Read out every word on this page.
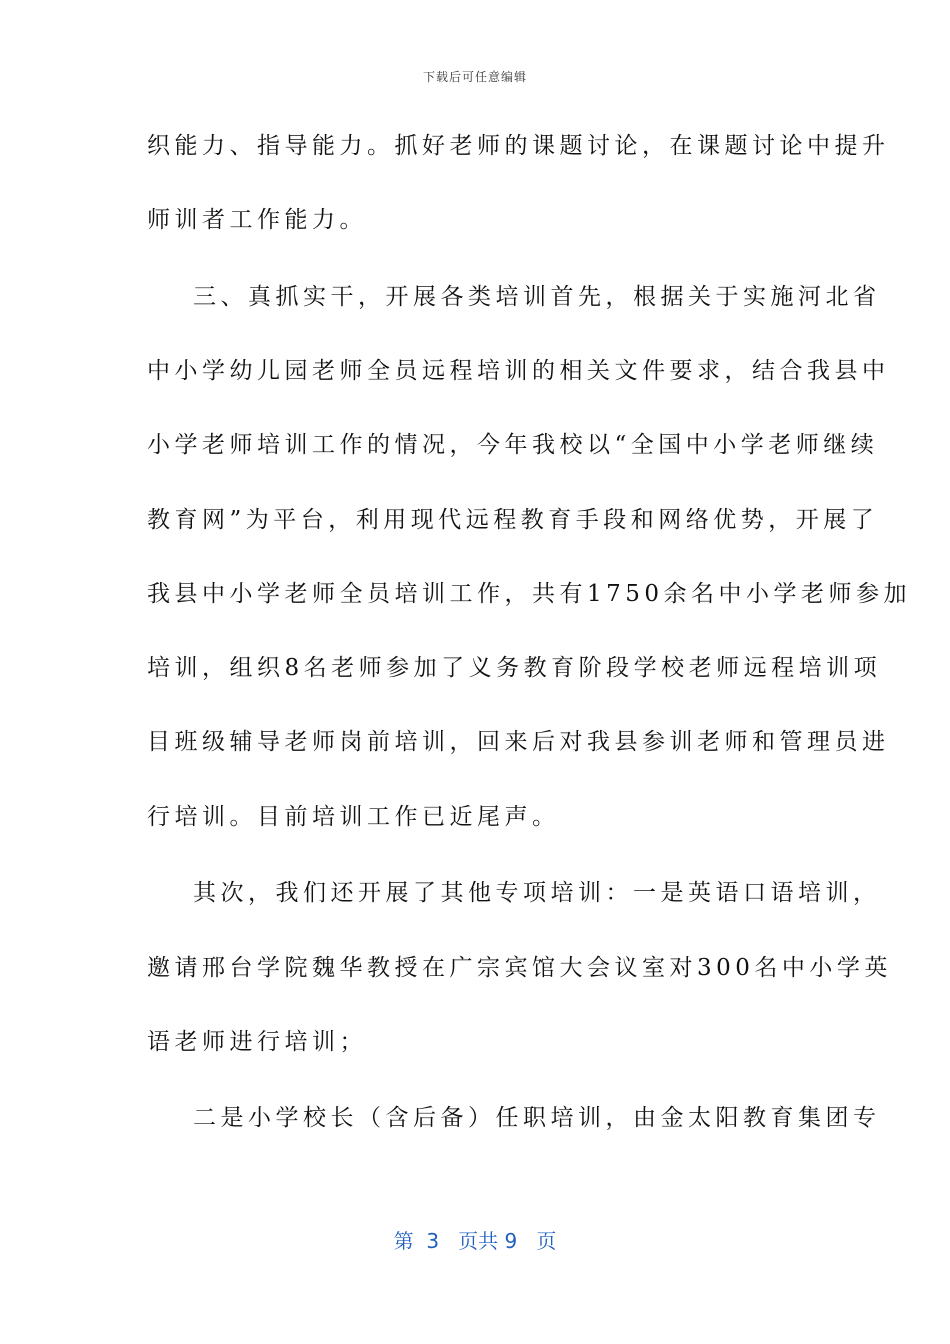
下载后可任意编辑
织能力、指导能力。抓好老师的课题讨论，在课题讨论中提升
师训者工作能力。
三、真抓实干，开展各类培训首先，根据关于实施河北省
中小学幼儿园老师全员远程培训的相关文件要求，结合我县中
小学老师培训工作的情况，今年我校以“全国中小学老师继续
教育网”为平台，利用现代远程教育手段和网络优势，开展了
我县中小学老师全员培训工作，共有1750余名中小学老师参加
培训，组织8名老师参加了义务教育阶段学校老师远程培训项
目班级辅导老师岗前培训，回来后对我县参训老师和管理员进
行培训。目前培训工作已近尾声。
其次，我们还开展了其他专项培训：一是英语口语培训，
邀请邢台学院魏华教授在广宗宾馆大会议室对300名中小学英
语老师进行培训；
二是小学校长（含后备）任职培训，由金太阳教育集团专
第  3   页共 9   页
